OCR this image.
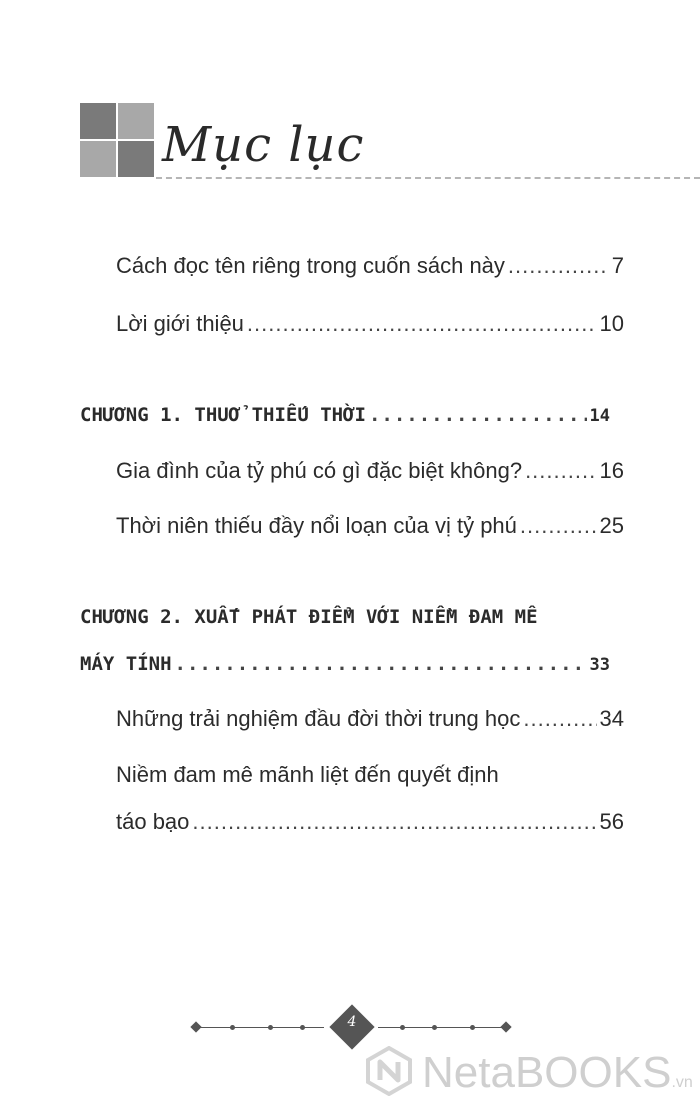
Mục lục
Cách đọc tên riêng trong cuốn sách này .....	7
Lời giới thiệu .....	10
CHƯƠNG 1. THUỞ THIẾU THỜI .....	14
Gia đình của tỷ phú có gì đặc biệt không? .....	16
Thời niên thiếu đầy nổi loạn của vị tỷ phú .....	25
CHƯƠNG 2. XUẤT PHÁT ĐIỂM VỚI NIỀM ĐAM MÊ
MÁY TÍNH .....	33
Những trải nghiệm đầu đời thời trung học .....	34
Niềm đam mê mãnh liệt đến quyết định
táo bạo .....	56
4
NetaBOOKS.vn
